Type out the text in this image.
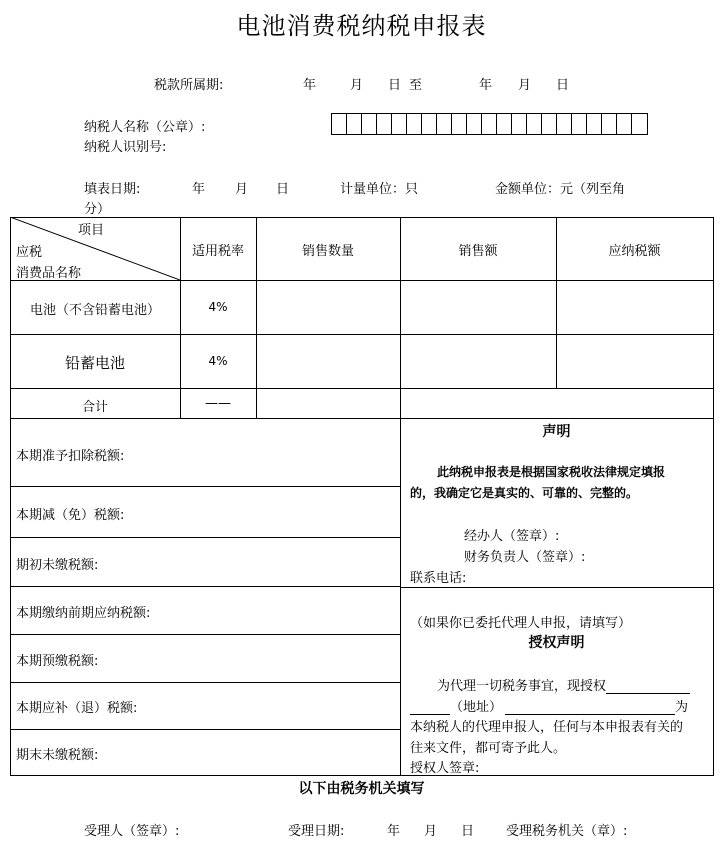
电池消费税纳税申报表
税款所属期:	年	月 日 至	年 月 日
纳税人名称（公章）:
纳税人识别号:
填表日期:	年 月 日	计量单位：只	金额单位：元（列至角
分）
项目
应税
消费品名称
适用税率	销售数量	销售额	应纳税额
电池（不含铅蓄电池）	4%
铅蓄电池	4%
合计	——
本期准予扣除税额:
本期减（免）税额:
期初未缴税额:
本期缴纳前期应纳税额:
本期预缴税额:
本期应补（退）税额:
期末未缴税额:
声明
此纳税申报表是根据国家税收法律规定填报
的，我确定它是真实的、可靠的、完整的。
经办人（签章）:
财务负责人（签章）:
联系电话:
（如果你已委托代理人申报，请填写）
授权声明
为代理一切税务事宜，现授权
（地址）	为
本纳税人的代理申报人，任何与本申报表有关的
往来文件，都可寄予此人。
授权人签章:
以下由税务机关填写
受理人（签章）:	受理日期:	年 月 日 受理税务机关（章）:
